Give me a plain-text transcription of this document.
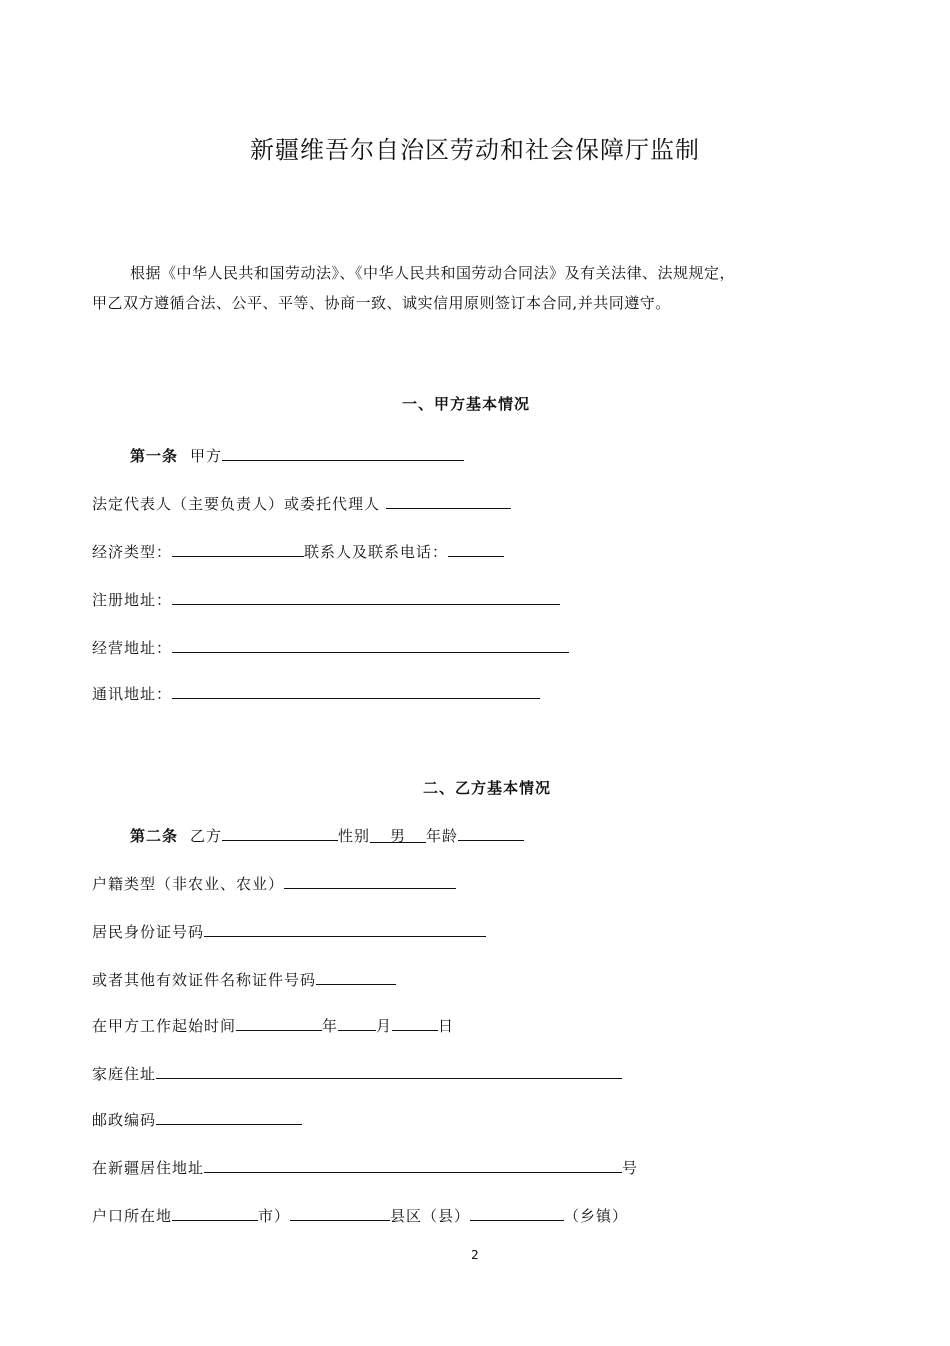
新疆维吾尔自治区劳动和社会保障厅监制
根据《中华人民共和国劳动法》、《中华人民共和国劳动合同法》及有关法律、法规规定，
甲乙双方遵循合法、公平、平等、协商一致、诚实信用原则签订本合同,并共同遵守。
一、甲方基本情况
第一条 甲方
法定代表人（主要负责人）或委托代理人
经济类型：	联系人及联系电话：
注册地址：
经营地址：
通讯地址：
二、乙方基本情况
第二条 乙方	性别 男 年龄
户籍类型（非农业、农业）
居民身份证号码
或者其他有效证件名称证件号码
在甲方工作起始时间	年	月	日
家庭住址
邮政编码
在新疆居住地址	号
户口所在地	市）	县区（县）	（乡镇）
2
